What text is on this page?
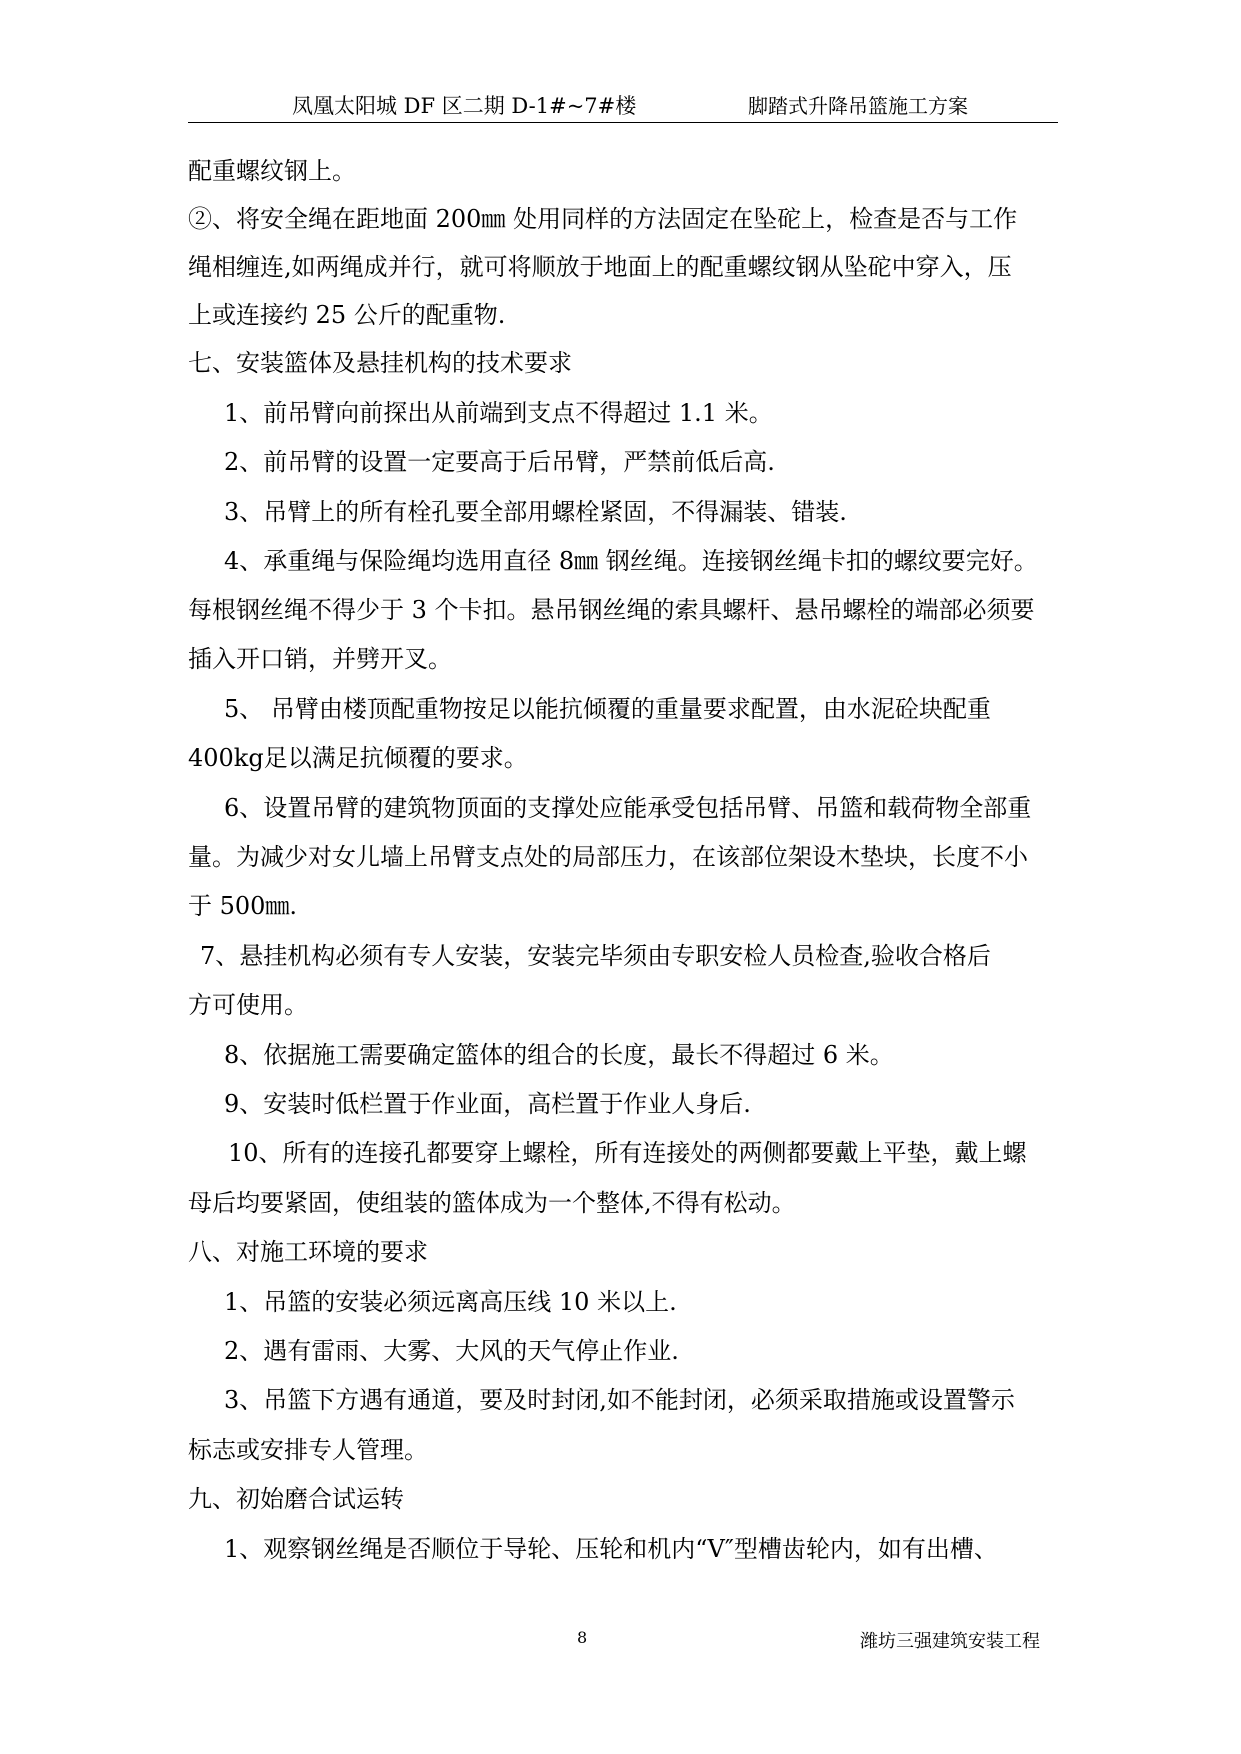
凤凰太阳城 DF 区二期 D-1#~7#楼	脚踏式升降吊篮施工方案
配重螺纹钢上。
②、将安全绳在距地面 200㎜ 处用同样的方法固定在坠砣上，检查是否与工作
绳相缠连,如两绳成并行，就可将顺放于地面上的配重螺纹钢从坠砣中穿入，压
上或连接约 25 公斤的配重物.
七、安装篮体及悬挂机构的技术要求
1、前吊臂向前探出从前端到支点不得超过 1.1 米。
2、前吊臂的设置一定要高于后吊臂，严禁前低后高.
3、吊臂上的所有栓孔要全部用螺栓紧固，不得漏装、错装.
4、承重绳与保险绳均选用直径 8㎜ 钢丝绳。连接钢丝绳卡扣的螺纹要完好。
每根钢丝绳不得少于 3 个卡扣。悬吊钢丝绳的索具螺杆、悬吊螺栓的端部必须要
插入开口销，并劈开叉。
5、 吊臂由楼顶配重物按足以能抗倾覆的重量要求配置，由水泥砼块配重
400kg足以满足抗倾覆的要求。
6、设置吊臂的建筑物顶面的支撑处应能承受包括吊臂、吊篮和载荷物全部重
量。为减少对女儿墙上吊臂支点处的局部压力，在该部位架设木垫块，长度不小
于 500㎜.
7、悬挂机构必须有专人安装，安装完毕须由专职安检人员检查,验收合格后
方可使用。
8、依据施工需要确定篮体的组合的长度，最长不得超过 6 米。
9、安装时低栏置于作业面，高栏置于作业人身后.
10、所有的连接孔都要穿上螺栓，所有连接处的两侧都要戴上平垫，戴上螺
母后均要紧固，使组装的篮体成为一个整体,不得有松动。
八、对施工环境的要求
1、吊篮的安装必须远离高压线 10 米以上.
2、遇有雷雨、大雾、大风的天气停止作业.
3、吊篮下方遇有通道，要及时封闭,如不能封闭，必须采取措施或设置警示
标志或安排专人管理。
九、初始磨合试运转
1、观察钢丝绳是否顺位于导轮、压轮和机内“V″型槽齿轮内，如有出槽、
8	潍坊三强建筑安装工程
